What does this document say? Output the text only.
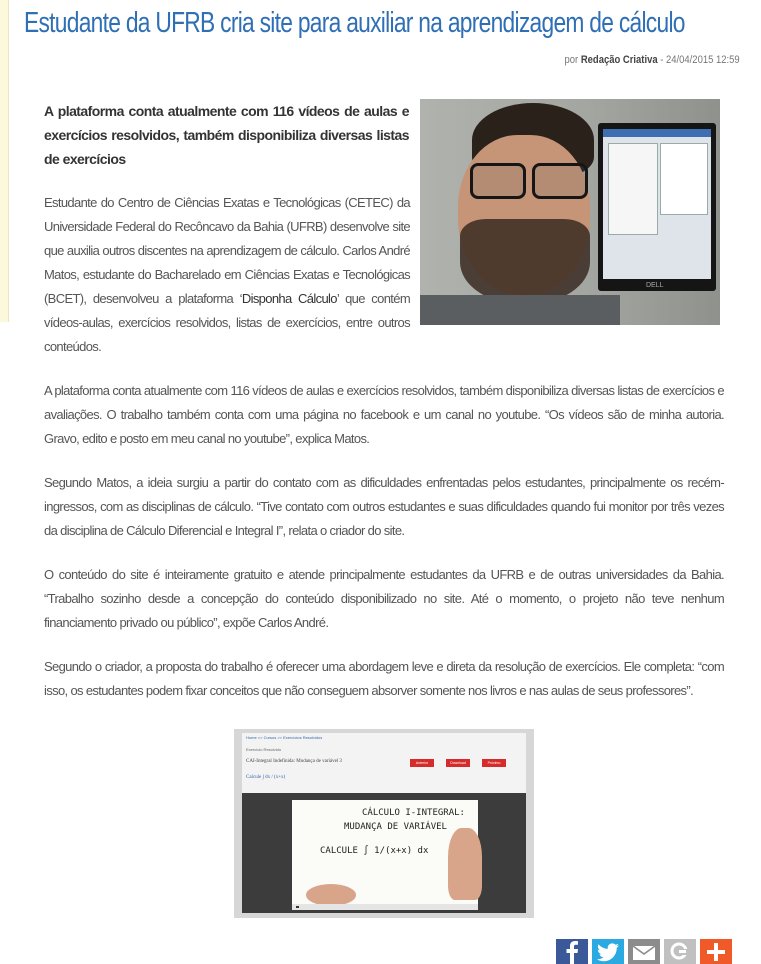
Estudante da UFRB cria site para auxiliar na aprendizagem de cálculo
por Redação Criativa - 24/04/2015 12:59

A plataforma conta atualmente com 116 vídeos de aulas e exercícios resolvidos, também disponibiliza diversas listas de exercícios

DELL

Estudante do Centro de Ciências Exatas e Tecnológicas (CETEC) da Universidade Federal do Recôncavo da Bahia (UFRB) desenvolve site que auxilia outros discentes na aprendizagem de cálculo. Carlos André Matos, estudante do Bacharelado em Ciências Exatas e Tecnológicas (BCET), desenvolveu a plataforma ‘Disponha Cálculo’ que contém vídeos-aulas, exercícios resolvidos, listas de exercícios, entre outros conteúdos.

A plataforma conta atualmente com 116 vídeos de aulas e exercícios resolvidos, também disponibiliza diversas listas de exercícios e avaliações. O trabalho também conta com uma página no facebook e um canal no youtube. “Os vídeos são de minha autoria. Gravo, edito e posto em meu canal no youtube”, explica Matos.

Segundo Matos, a ideia surgiu a partir do contato com as dificuldades enfrentadas pelos estudantes, principalmente os recém-ingressos, com as disciplinas de cálculo. “Tive contato com outros estudantes e suas dificuldades quando fui monitor por três vezes da disciplina de Cálculo Diferencial e Integral I”, relata o criador do site.

O conteúdo do site é inteiramente gratuito e atende principalmente estudantes da UFRB e de outras universidades da Bahia. “Trabalho sozinho desde a concepção do conteúdo disponibilizado no site. Até o momento, o projeto não teve nenhum financiamento privado ou público”, expõe Carlos André.

Segundo o criador, a proposta do trabalho é oferecer uma abordagem leve e direta da resolução de exercícios. Ele completa: “com isso, os estudantes podem fixar conceitos que não conseguem absorver somente nos livros e nas aulas de seus professores”.

Home >> Cursos >> Exercícios Resolvidos
Exercício Resolvido
CAI-Integral Indefinida: Mudança de variável 3
Calcule ∫ dx / (x+x)
Anterior	Download	Próximo
CÁLCULO I-INTEGRAL:
MUDANÇA DE VARIÁVEL
CALCULE ∫ 1/(x+x) dx
